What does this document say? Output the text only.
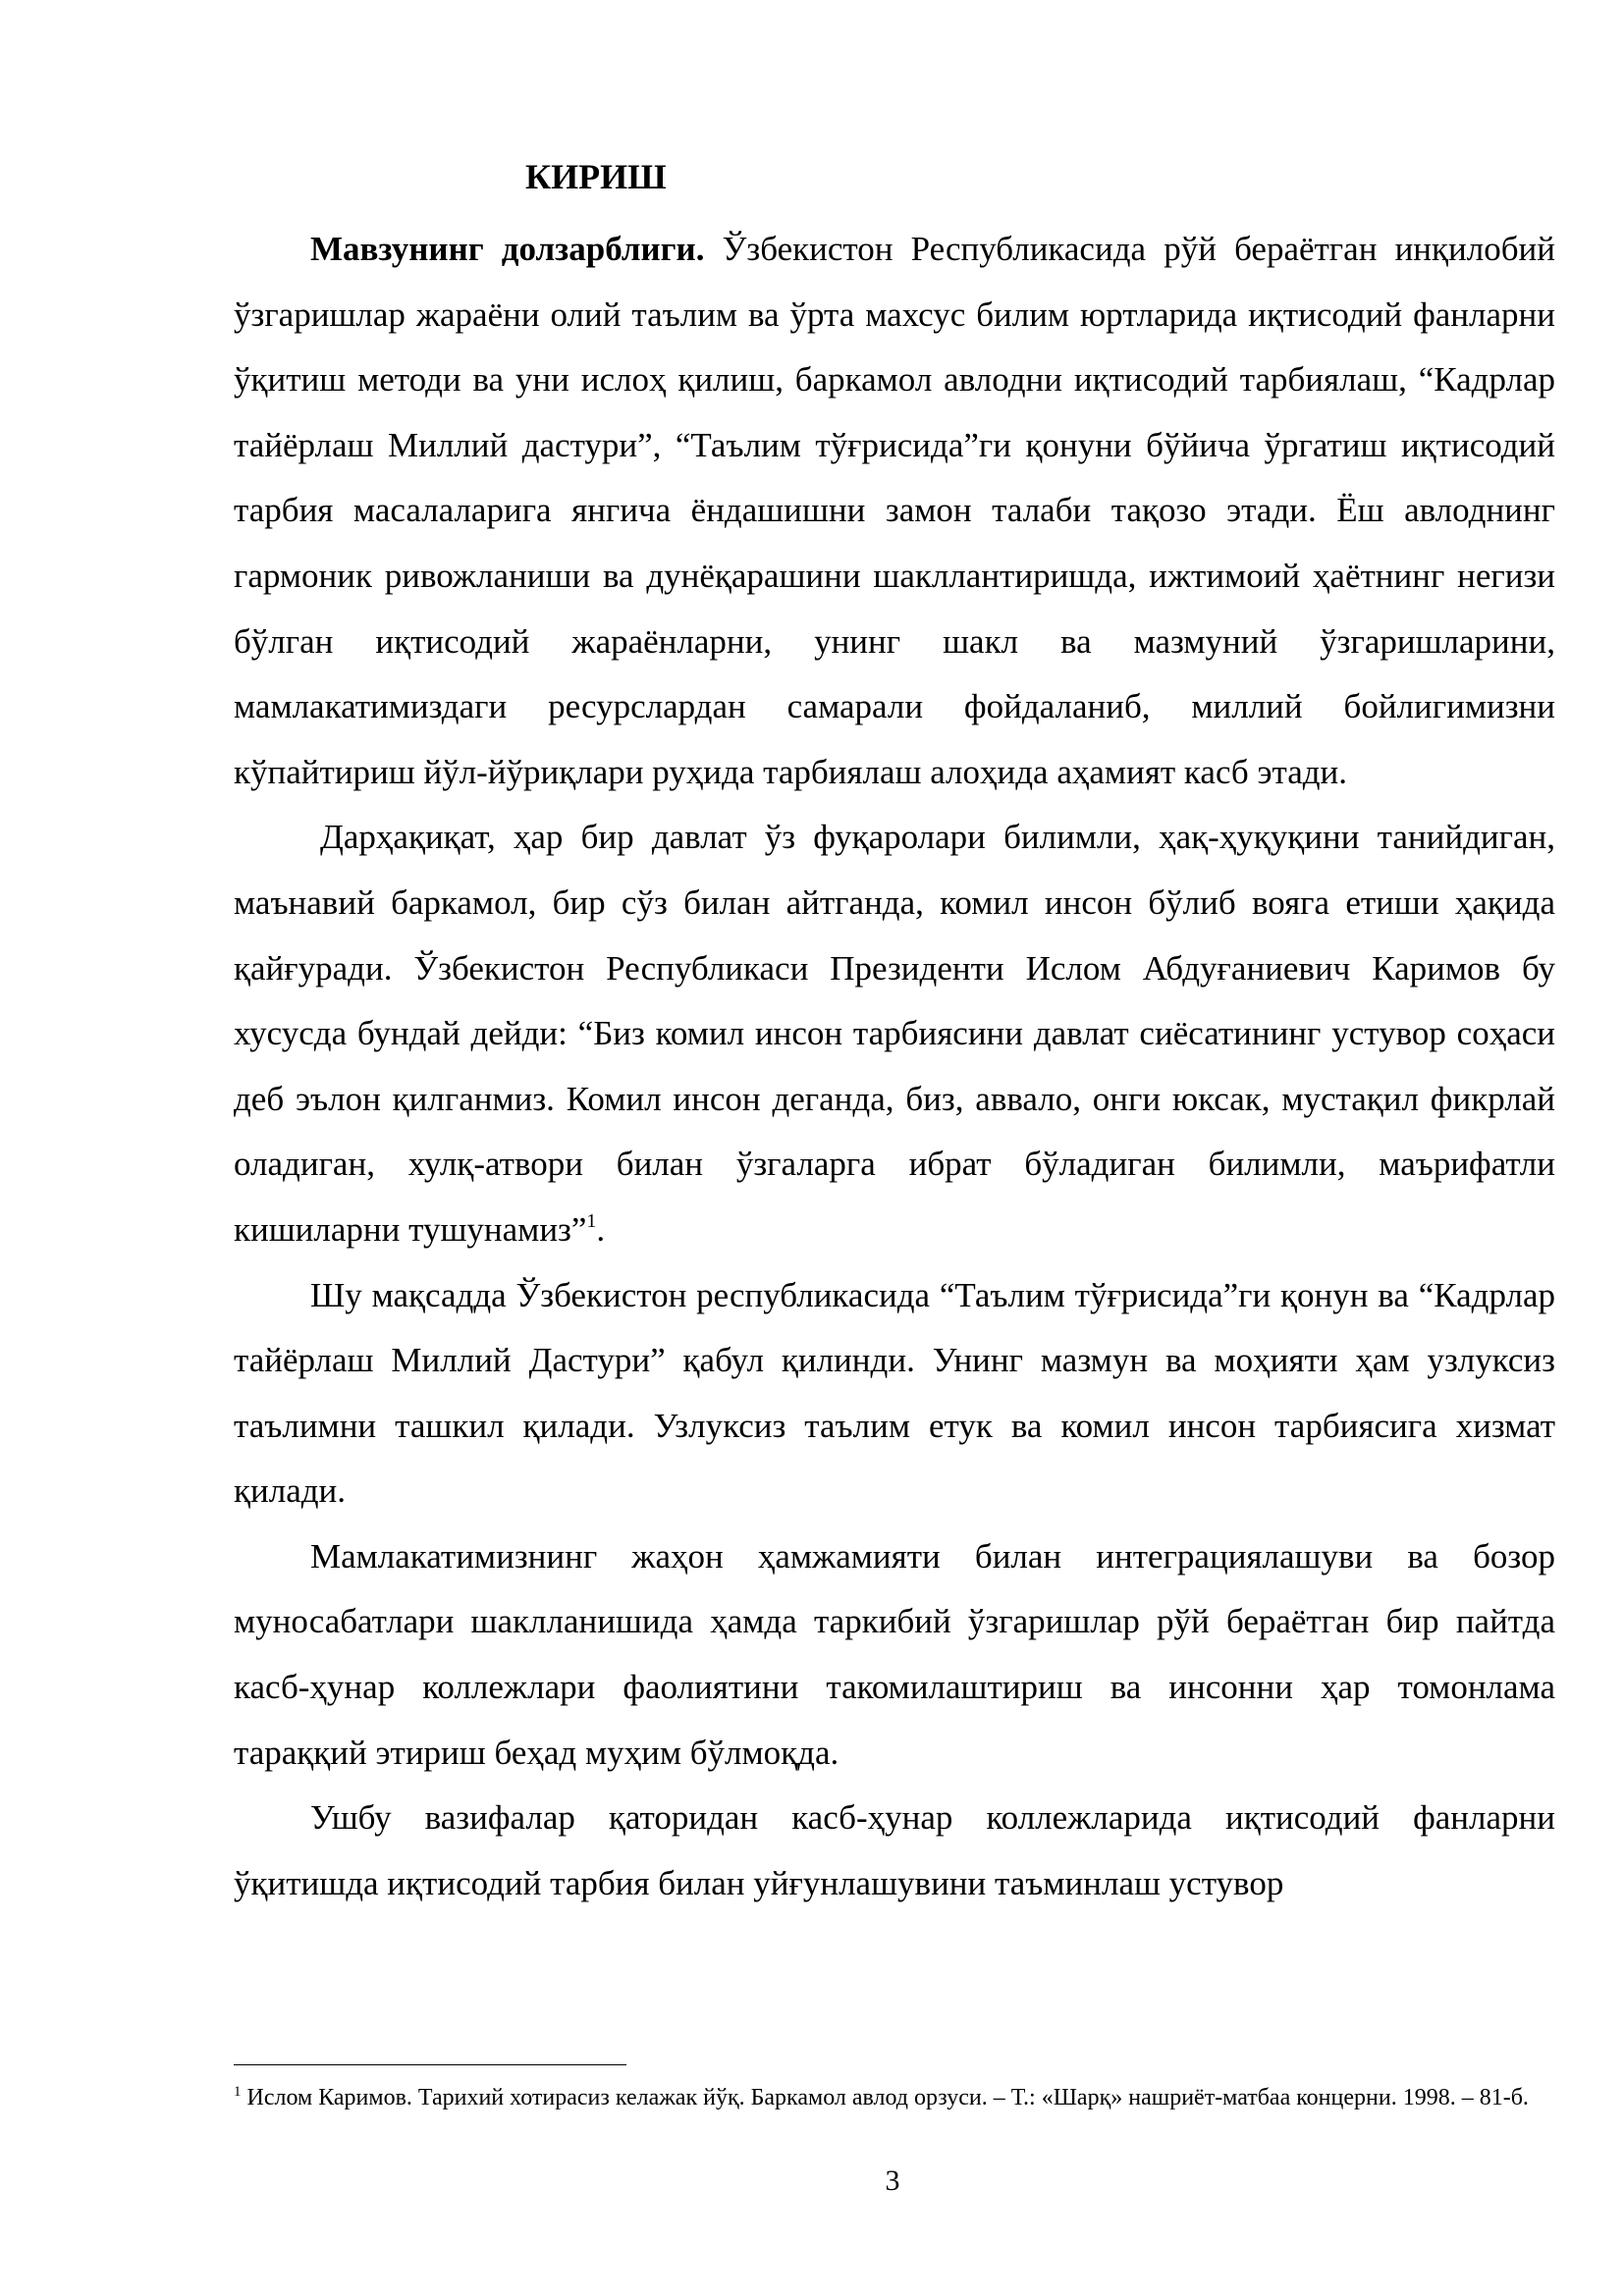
КИРИШ

Мавзунинг долзарблиги. Ўзбекистон Республикасида рўй бераётган инқилобий ўзгаришлар жараёни олий таълим ва ўрта махсус билим юртларида иқтисодий фанларни ўқитиш методи ва уни ислоҳ қилиш, баркамол авлодни иқтисодий тарбиялаш, “Кадрлар тайёрлаш Миллий дастури”, “Таълим тўғрисида”ги қонуни бўйича ўргатиш иқтисодий тарбия масалаларига янгича ёндашишни замон талаби тақозо этади. Ёш авлоднинг гармоник ривожланиши ва дунёқарашини шакллантиришда, ижтимоий ҳаётнинг негизи бўлган иқтисодий жараёнларни, унинг шакл ва мазмуний ўзгаришларини, мамлакатимиздаги ресурслардан самарали фойдаланиб, миллий бойлигимизни кўпайтириш йўл-йўриқлари руҳида тарбиялаш алоҳида аҳамият касб этади.

Дарҳақиқат, ҳар бир давлат ўз фуқаролари билимли, ҳақ-ҳуқуқини танийдиган, маънавий баркамол, бир сўз билан айтганда, комил инсон бўлиб вояга етиши ҳақида қайғуради. Ўзбекистон Республикаси Президенти Ислом Абдуғаниевич Каримов бу хусусда бундай дейди: “Биз комил инсон тарбиясини давлат сиёсатининг устувор соҳаси деб эълон қилганмиз. Комил инсон деганда, биз, аввало, онги юксак, мустақил фикрлай оладиган, хулқ-атвори билан ўзгаларга ибрат бўладиган билимли, маърифатли кишиларни тушунамиз”$^1$.

Шу мақсадда Ўзбекистон республикасида “Таълим тўғрисида”ги қонун ва “Кадрлар тайёрлаш Миллий Дастури” қабул қилинди. Унинг мазмун ва моҳияти ҳам узлуксиз таълимни ташкил қилади. Узлуксиз таълим етук ва комил инсон тарбиясига хизмат қилади.

Мамлакатимизнинг жаҳон ҳамжамияти билан интеграциялашуви ва бозор муносабатлари шаклланишида ҳамда таркибий ўзгаришлар рўй бераётган бир пайтда касб-ҳунар коллежлари фаолиятини такомилаштириш ва инсонни ҳар томонлама тараққий этириш беҳад муҳим бўлмоқда.

Ушбу вазифалар қаторидан касб-ҳунар коллежларида иқтисодий фанларни ўқитишда иқтисодий тарбия билан уйғунлашувини таъминлаш устувор

$^1$ Ислом Каримов. Тарихий хотирасиз келажак йўқ. Баркамол авлод орзуси. – Т.: «Шарқ» нашриёт-матбаа концерни. 1998. – 81-б.

3
